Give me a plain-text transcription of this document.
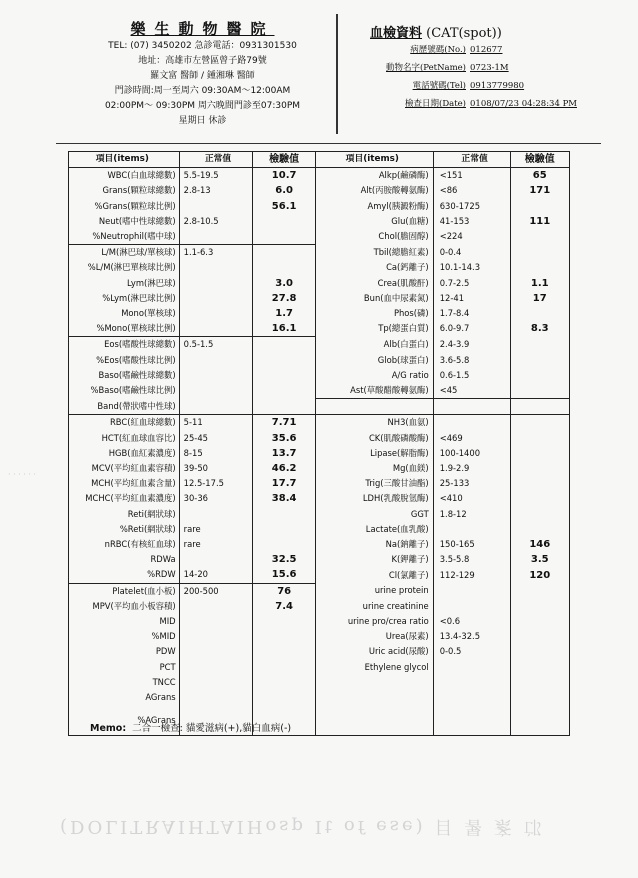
樂生動物醫院
TEL: (07) 3450202 急診電話：0931301530
地址：高雄市左營區曾子路79號
羅文富 醫師 / 鍾湘琳 醫師
門診時間:周一至周六 09:30AM～12:00AM
02:00PM～ 09:30PM 周六晚間門診至07:30PM
星期日 休診
血檢資料 (CAT(spot))
病歷號碼(No.) 012677
動物名字(PetName) 0723-1M
電話號碼(Tel) 0913779980
檢查日期(Date) 0108/07/23 04:28:34 PM
項目(items)	正常值	檢驗值	項目(items)	正常值	檢驗值
WBC(白血球總數)	5.5-19.5	10.7	Alkp(鹼磷酶)	<151	65
Grans(顆粒球總數)	2.8-13	6.0	Alt(丙胺酸轉氨酶)	<86	171
%Grans(顆粒球比例)		56.1	Amyl(胰澱粉酶)	630-1725	
Neut(嗜中性球總數)	2.8-10.5		Glu(血糖)	41-153	111
%Neutrophil(嗜中球)			Chol(膽固醇)	<224	
L/M(淋巴球/單核球)	1.1-6.3		Tbil(總膽紅素)	0-0.4	
%L/M(淋巴單核球比例)			Ca(鈣離子)	10.1-14.3	
Lym(淋巴球)		3.0	Crea(肌酸酐)	0.7-2.5	1.1
%Lym(淋巴球比例)		27.8	Bun(血中尿素氮)	12-41	17
Mono(單核球)		1.7	Phos(磷)	1.7-8.4	
%Mono(單核球比例)		16.1	Tp(總蛋白質)	6.0-9.7	8.3
Eos(嗜酸性球總數)	0.5-1.5		Alb(白蛋白)	2.4-3.9	
%Eos(嗜酸性球比例)			Glob(球蛋白)	3.6-5.8	
Baso(嗜鹼性球總數)			A/G ratio	0.6-1.5	
%Baso(嗜鹼性球比例)			Ast(草酸醋酸轉氨酶)	<45	
Band(帶狀嗜中性球)					
RBC(紅血球總數)	5-11	7.71	NH3(血氨)		
HCT(紅血球血容比)	25-45	35.6	CK(肌酸磷酸酶)	<469	
HGB(血紅素濃度)	8-15	13.7	Lipase(解脂酶)	100-1400	
MCV(平均紅血素容積)	39-50	46.2	Mg(血鎂)	1.9-2.9	
MCH(平均紅血素含量)	12.5-17.5	17.7	Trig(三酸甘油酯)	25-133	
MCHC(平均紅血素濃度)	30-36	38.4	LDH(乳酸脫氫酶)	<410	
Reti(網狀球)			GGT	1.8-12	
%Reti(網狀球)	rare		Lactate(血乳酸)		
nRBC(有核紅血球)	rare		Na(鈉離子)	150-165	146
RDWa		32.5	K(鉀離子)	3.5-5.8	3.5
%RDW	14-20	15.6	Cl(氯離子)	112-129	120
Platelet(血小板)	200-500	76	urine protein		
MPV(平均血小板容積)		7.4	urine creatinine		
MID			urine pro/crea ratio	<0.6	
%MID			Urea(尿素)	13.4-32.5	
PDW			Uric acid(尿酸)	0-0.5	
PCT			Ethylene glycol		
TNCC					
AGrans					
%AGrans					
Memo: 二合一檢查: 貓愛滋病(+),貓白血病(-)
(DOLITRAIHTAIHosp It of ese) 目 暑 紊 邙
· · · · · ·
